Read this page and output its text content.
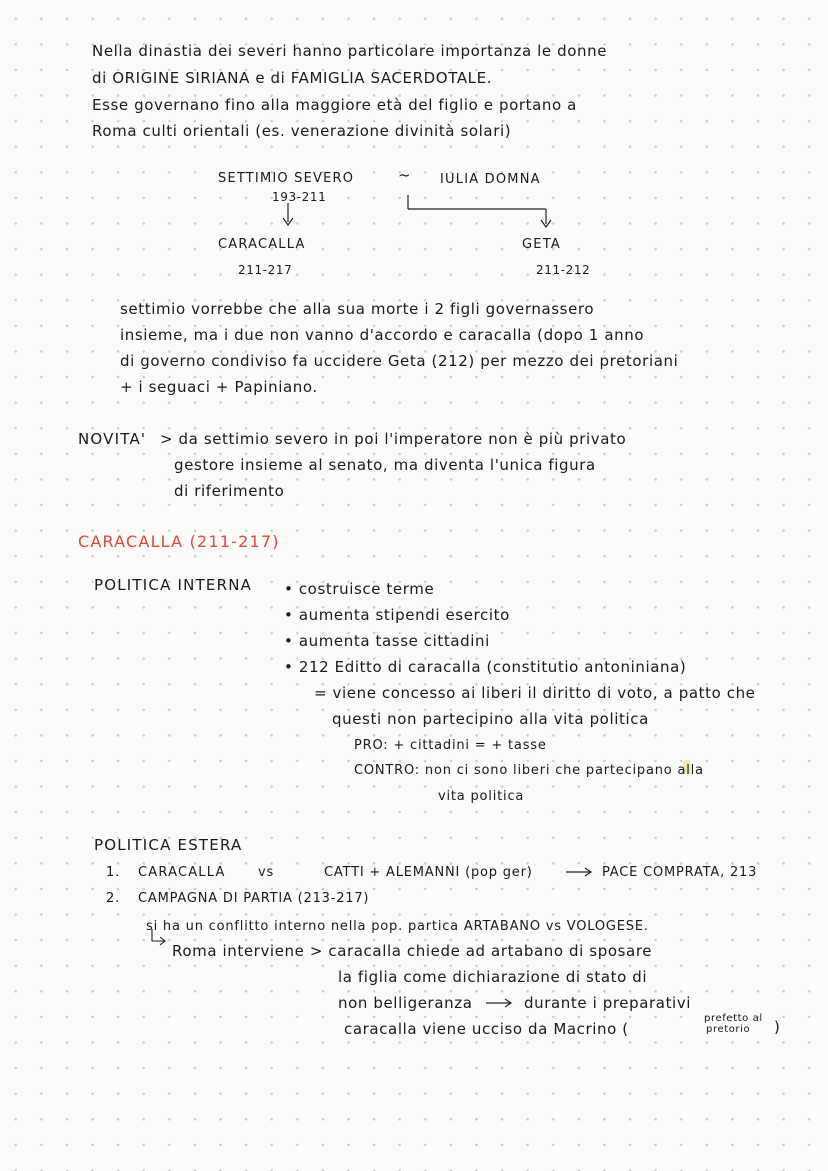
Nella dinastia dei severi hanno particolare importanza le donne
di ORIGINE SIRIANA e di FAMIGLIA SACERDOTALE.
Esse governano fino alla maggiore età del figlio e portano a
Roma culti orientali (es. venerazione divinità solari)
SETTIMIO SEVERO
193-211
~ IULIA DOMNA
CARACALLA
211-217
GETA
211-212
settimio vorrebbe che alla sua morte i 2 figli governassero
insieme, ma i due non vanno d'accordo e caracalla (dopo 1 anno
di governo condiviso fa uccidere Geta (212) per mezzo dei pretoriani
+ i seguaci + Papiniano.
NOVITA' > da settimio severo in poi l'imperatore non è più privato
gestore insieme al senato, ma diventa l'unica figura
di riferimento
CARACALLA (211-217)
POLITICA INTERNA • costruisce terme
• aumenta stipendi esercito
• aumenta tasse cittadini
• 212 Editto di caracalla (constitutio antoniniana)
= viene concesso ai liberi il diritto di voto, a patto che
questi non partecipino alla vita politica
PRO: + cittadini = + tasse
CONTRO: non ci sono liberi che partecipano alla
vita politica
POLITICA ESTERA
1. CARACALLA vs	CATTI + ALEMANNI (pop ger)	PACE COMPRATA, 213
2. CAMPAGNA DI PARTIA (213-217)
si ha un conflitto interno nella pop. partica ARTABANO vs VOLOGESE.
Roma interviene > caracalla chiede ad artabano di sposare
la figlia come dichiarazione di stato di
non belligeranza	durante i preparativi
caracalla viene ucciso da Macrino (
prefetto al
pretorio )
